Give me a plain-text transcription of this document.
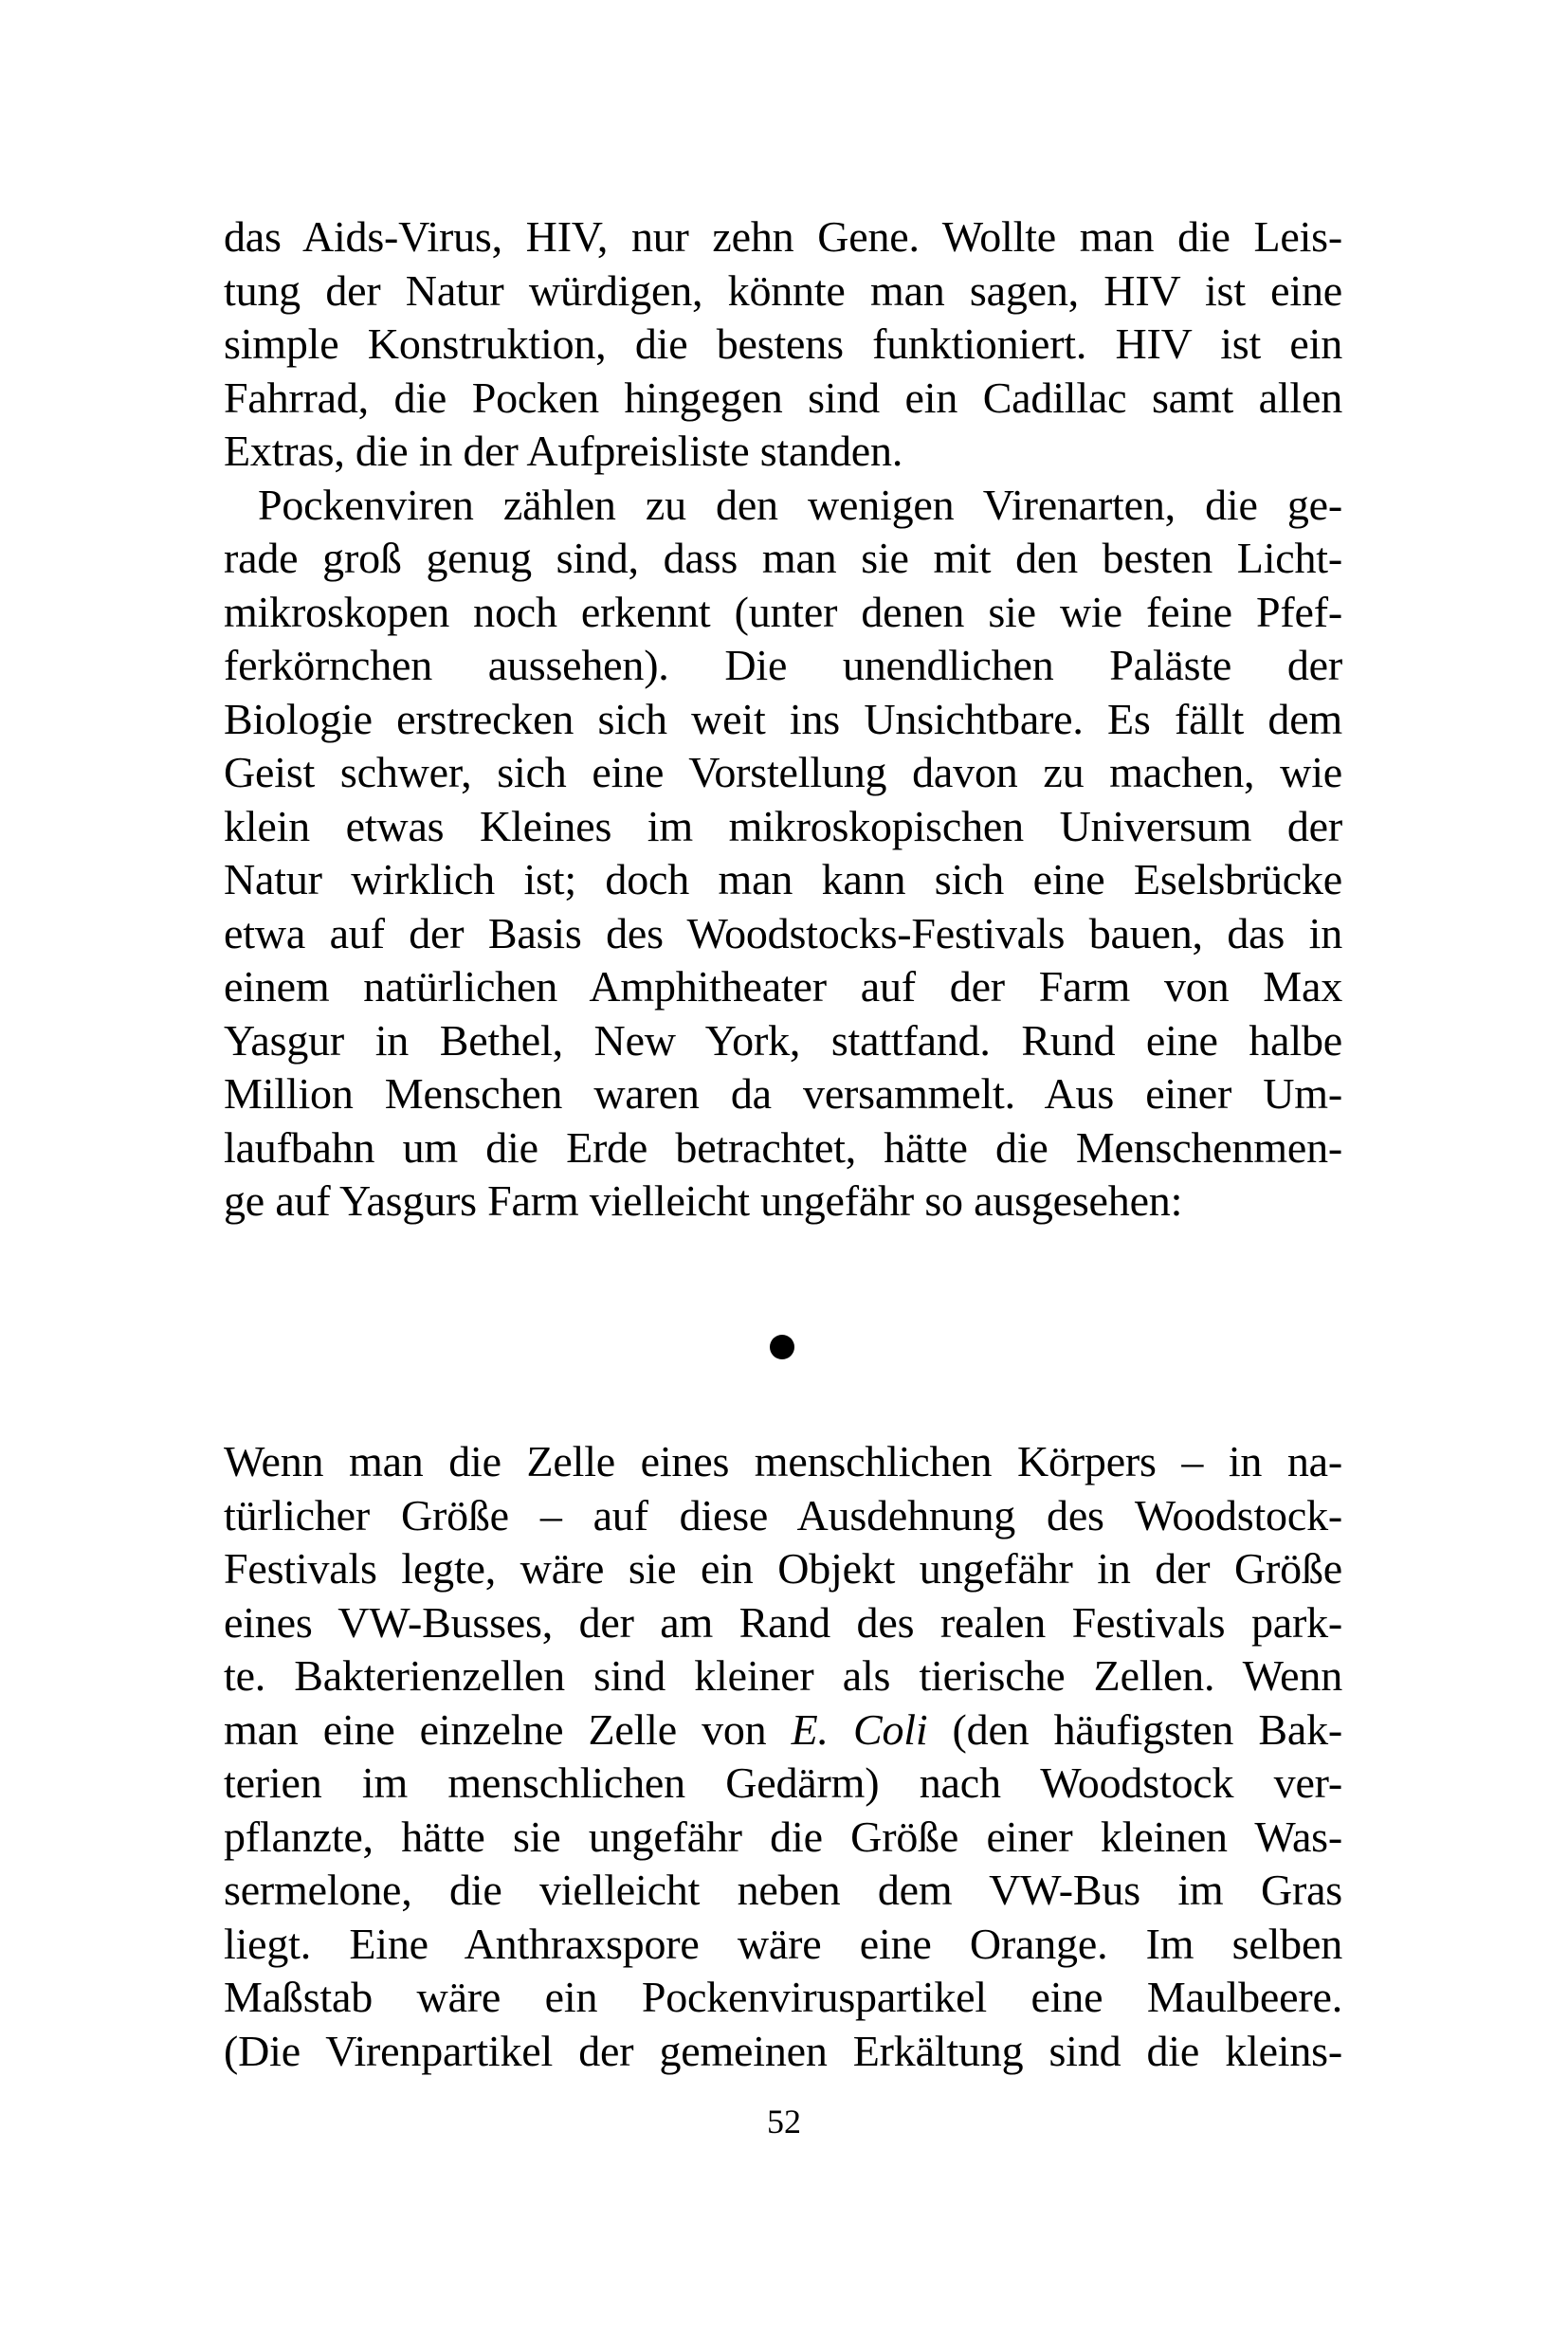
das Aids-Virus, HIV, nur zehn Gene. Wollte man die Leis-
tung der Natur würdigen, könnte man sagen, HIV ist eine
simple Konstruktion, die bestens funktioniert. HIV ist ein
Fahrrad, die Pocken hingegen sind ein Cadillac samt allen
Extras, die in der Aufpreisliste standen.

Pockenviren zählen zu den wenigen Virenarten, die ge-
rade groß genug sind, dass man sie mit den besten Licht-
mikroskopen noch erkennt (unter denen sie wie feine Pfef-
ferkörnchen aussehen). Die unendlichen Paläste der
Biologie erstrecken sich weit ins Unsichtbare. Es fällt dem
Geist schwer, sich eine Vorstellung davon zu machen, wie
klein etwas Kleines im mikroskopischen Universum der
Natur wirklich ist; doch man kann sich eine Eselsbrücke
etwa auf der Basis des Woodstocks-Festivals bauen, das in
einem natürlichen Amphitheater auf der Farm von Max
Yasgur in Bethel, New York, stattfand. Rund eine halbe
Million Menschen waren da versammelt. Aus einer Um-
laufbahn um die Erde betrachtet, hätte die Menschenmen-
ge auf Yasgurs Farm vielleicht ungefähr so ausgesehen:

Wenn man die Zelle eines menschlichen Körpers – in na-
türlicher Größe – auf diese Ausdehnung des Woodstock-
Festivals legte, wäre sie ein Objekt ungefähr in der Größe
eines VW-Busses, der am Rand des realen Festivals park-
te. Bakterienzellen sind kleiner als tierische Zellen. Wenn
man eine einzelne Zelle von E. Coli (den häufigsten Bak-
terien im menschlichen Gedärm) nach Woodstock ver-
pflanzte, hätte sie ungefähr die Größe einer kleinen Was-
sermelone, die vielleicht neben dem VW-Bus im Gras
liegt. Eine Anthraxspore wäre eine Orange. Im selben
Maßstab wäre ein Pockenviruspartikel eine Maulbeere.
(Die Virenpartikel der gemeinen Erkältung sind die kleins-

52
